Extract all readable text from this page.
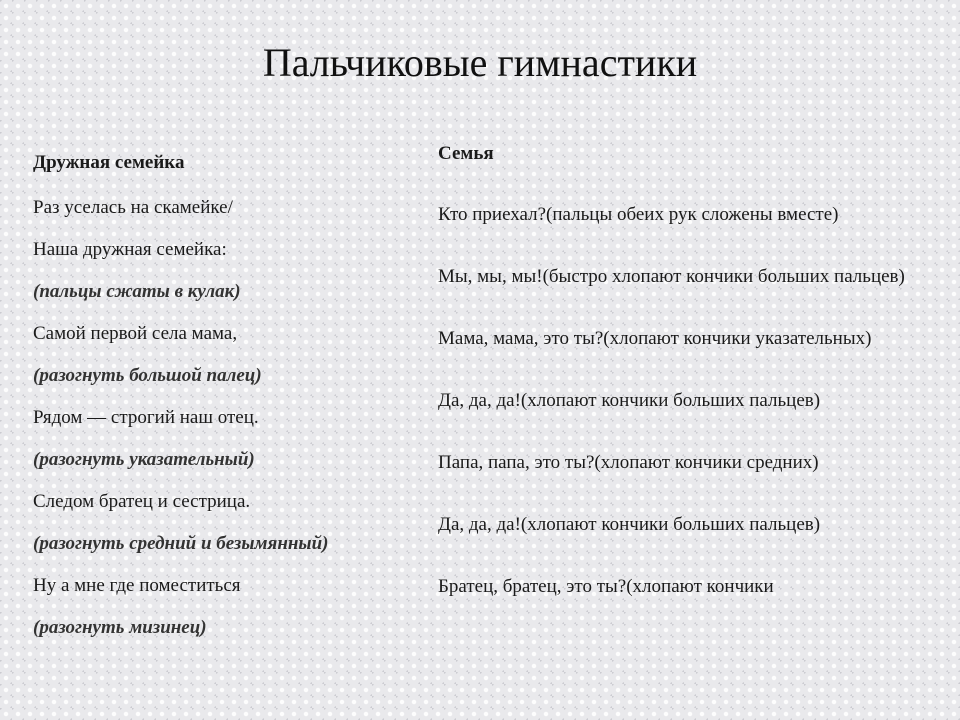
Пальчиковые гимнастики
Дружная семейка
Раз уселась на скамейке/
Наша дружная семейка:
(пальцы сжаты в кулак)
Самой первой села мама,
(разогнуть большой палец)
Рядом — строгий наш отец.
(разогнуть указательный)
Следом братец и сестрица.
(разогнуть средний и безымянный)
Ну а мне где поместиться
(разогнуть мизинец)
Семья

Кто приехал?(пальцы обеих рук сложены вместе)

Мы, мы, мы!(быстро хлопают кончики больших пальцев)

Мама, мама, это ты?(хлопают кончики указательных)

Да, да, да!(хлопают кончики больших пальцев)

Папа, папа, это ты?(хлопают кончики средних)

Да, да, да!(хлопают кончики больших пальцев)

Братец, братец, это ты?(хлопают кончики
